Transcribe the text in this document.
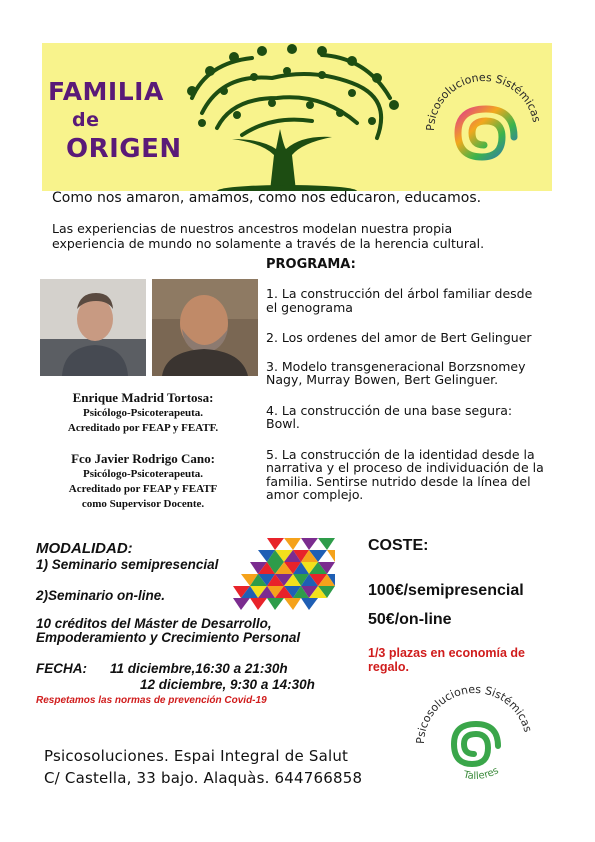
FAMILIA
de
ORIGEN
Psicosoluciones Sistémicas
Como nos amaron, amamos, como nos educaron, educamos.
Las experiencias de nuestros ancestros modelan nuestra propia experiencia de mundo no solamente a través de la herencia cultural.
Enrique Madrid Tortosa:
Psicólogo-Psicoterapeuta.
Acreditado por FEAP y FEATF.
Fco Javier Rodrigo Cano:
Psicólogo-Psicoterapeuta.
Acreditado por FEAP y FEATF
como Supervisor Docente.
PROGRAMA:
1. La construcción del árbol familiar desde el genograma
2. Los ordenes del amor de Bert Gelinguer
3. Modelo transgeneracional Borzsnomey Nagy, Murray Bowen, Bert Gelinguer.
4. La construcción de una base segura: Bowl.
5. La construcción de la identidad desde la narrativa y el proceso de individuación de la familia. Sentirse nutrido desde la línea del amor complejo.
MODALIDAD:
1) Seminario semipresencial
2)Seminario on-line.
10 créditos del Máster de Desarrollo, Empoderamiento y Crecimiento Personal
FECHA: 11 diciembre,16:30 a 21:30h
12 diciembre, 9:30 a 14:30h
Respetamos las normas de prevención Covid-19
COSTE:
100€/semipresencial
50€/on-line
1/3 plazas en economía de regalo.
Psicosoluciones Sistémicas
Talleres
Psicosoluciones. Espai Integral de Salut
C/ Castella, 33 bajo. Alaquàs. 644766858
